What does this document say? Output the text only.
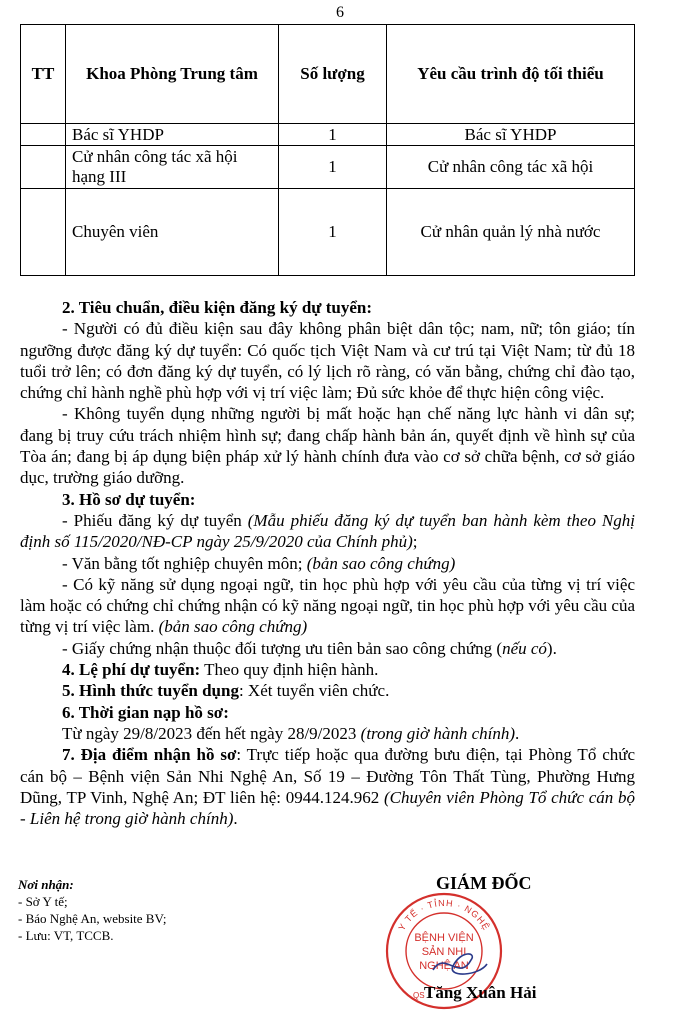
6
TT	Khoa Phòng Trung tâm	Số lượng	Yêu cầu trình độ tối thiểu
	Bác sĩ YHDP	1	Bác sĩ YHDP
	Cử nhân công tác xã hội hạng III	1	Cử nhân công tác xã hội
	Chuyên viên	1	Cử nhân quản lý nhà nước

2. Tiêu chuẩn, điều kiện đăng ký dự tuyển:

- Người có đủ điều kiện sau đây không phân biệt dân tộc; nam, nữ; tôn giáo; tín ngưỡng được đăng ký dự tuyển: Có quốc tịch Việt Nam và cư trú tại Việt Nam; từ đủ 18 tuổi trở lên; có đơn đăng ký dự tuyển, có lý lịch rõ ràng, có văn bằng, chứng chỉ đào tạo, chứng chỉ hành nghề phù hợp với vị trí việc làm; Đủ sức khỏe để thực hiện công việc.

- Không tuyển dụng những người bị mất hoặc hạn chế năng lực hành vi dân sự; đang bị truy cứu trách nhiệm hình sự; đang chấp hành bản án, quyết định về hình sự của Tòa án; đang bị áp dụng biện pháp xử lý hành chính đưa vào cơ sở chữa bệnh, cơ sở giáo dục, trường giáo dưỡng.

3. Hồ sơ dự tuyển:

- Phiếu đăng ký dự tuyển (Mẫu phiếu đăng ký dự tuyển ban hành kèm theo Nghị định số 115/2020/NĐ-CP ngày 25/9/2020 của Chính phủ);

- Văn bằng tốt nghiệp chuyên môn; (bản sao công chứng)

- Có kỹ năng sử dụng ngoại ngữ, tin học phù hợp với yêu cầu của từng vị trí việc làm hoặc có chứng chỉ chứng nhận có kỹ năng ngoại ngữ, tin học phù hợp với yêu cầu của từng vị trí việc làm. (bản sao công chứng)

- Giấy chứng nhận thuộc đối tượng ưu tiên bản sao công chứng (nếu có).

4. Lệ phí dự tuyển: Theo quy định hiện hành.

5. Hình thức tuyển dụng: Xét tuyển viên chức.

6. Thời gian nạp hồ sơ:

Từ ngày 29/8/2023 đến hết ngày 28/9/2023 (trong giờ hành chính).

7. Địa điểm nhận hồ sơ: Trực tiếp hoặc qua đường bưu điện, tại Phòng Tổ chức cán bộ – Bệnh viện Sản Nhi Nghệ An, Số 19 – Đường Tôn Thất Tùng, Phường Hưng Dũng, TP Vinh, Nghệ An; ĐT liên hệ: 0944.124.962 (Chuyên viên Phòng Tổ chức cán bộ - Liên hệ trong giờ hành chính).

Nơi nhận:
- Sở Y tế;
- Báo Nghệ An, website BV;
- Lưu: VT, TCCB.
GIÁM ĐỐC
Y TẾ · TỈNH · NGHỆ
BỆNH VIỆN
SẢN NHI
NGHỆ AN
QS Tăng Xuân Hải
